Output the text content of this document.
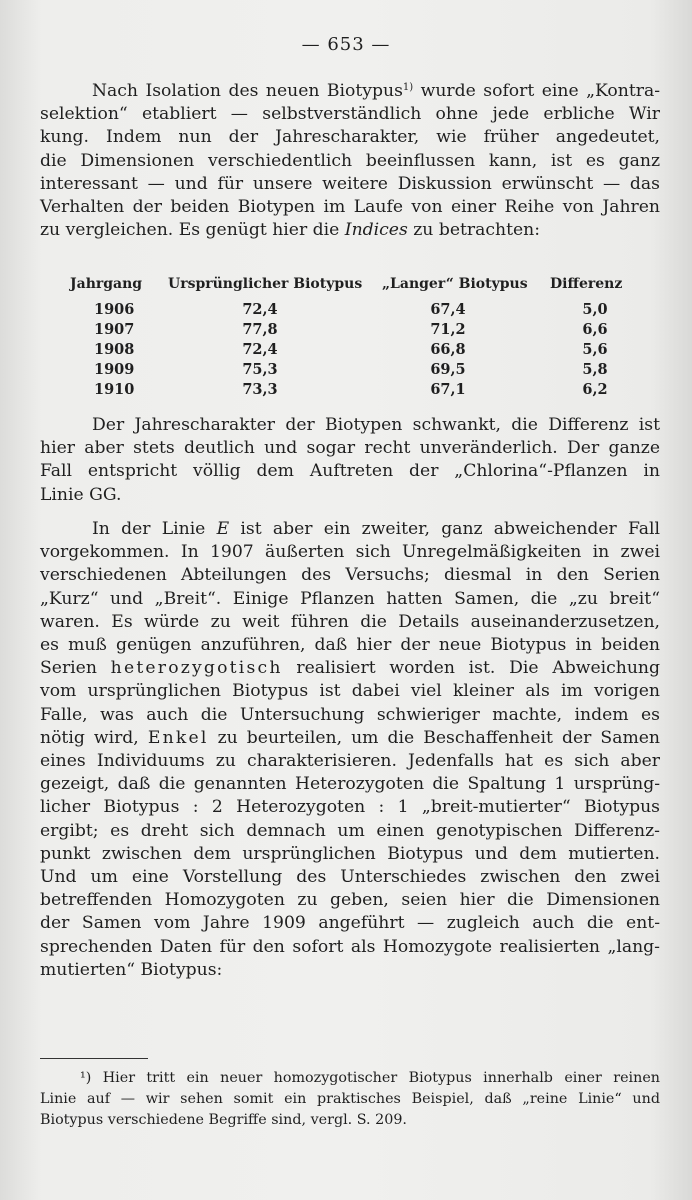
— 653 —
Nach Isolation des neuen Biotypus$^{1)}$ wurde sofort eine „Kontra-
selektion“ etabliert — selbstverständlich ohne jede erbliche Wir
kung. Indem nun der Jahrescharakter, wie früher angedeutet,
die Dimensionen verschiedentlich beeinflussen kann, ist es ganz
interessant — und für unsere weitere Diskussion erwünscht — das
Verhalten der beiden Biotypen im Laufe von einer Reihe von Jahren
zu vergleichen. Es genügt hier die Indices zu betrachten:
Jahrgang	Ursprünglicher Biotypus	„Langer“ Biotypus	Differenz
1906	72,4	67,4	5,0
1907	77,8	71,2	6,6
1908	72,4	66,8	5,6
1909	75,3	69,5	5,8
1910	73,3	67,1	6,2
Der Jahrescharakter der Biotypen schwankt, die Differenz ist
hier aber stets deutlich und sogar recht unveränderlich. Der ganze
Fall entspricht völlig dem Auftreten der „Chlorina“-Pflanzen in
Linie GG.
In der Linie E ist aber ein zweiter, ganz abweichender Fall
vorgekommen. In 1907 äußerten sich Unregelmäßigkeiten in zwei
verschiedenen Abteilungen des Versuchs; diesmal in den Serien
„Kurz“ und „Breit“. Einige Pflanzen hatten Samen, die „zu breit“
waren. Es würde zu weit führen die Details auseinanderzusetzen,
es muß genügen anzuführen, daß hier der neue Biotypus in beiden
Serien heterozygotisch realisiert worden ist. Die Abweichung
vom ursprünglichen Biotypus ist dabei viel kleiner als im vorigen
Falle, was auch die Untersuchung schwieriger machte, indem es
nötig wird, Enkel zu beurteilen, um die Beschaffenheit der Samen
eines Individuums zu charakterisieren. Jedenfalls hat es sich aber
gezeigt, daß die genannten Heterozygoten die Spaltung 1 ursprüng-
licher Biotypus : 2 Heterozygoten : 1 „breit-mutierter“ Biotypus
ergibt; es dreht sich demnach um einen genotypischen Differenz-
punkt zwischen dem ursprünglichen Biotypus und dem mutierten.
Und um eine Vorstellung des Unterschiedes zwischen den zwei
betreffenden Homozygoten zu geben, seien hier die Dimensionen
der Samen vom Jahre 1909 angeführt — zugleich auch die ent-
sprechenden Daten für den sofort als Homozygote realisierten „lang-
mutierten“ Biotypus:
¹) Hier tritt ein neuer homozygotischer Biotypus innerhalb einer reinen
Linie auf — wir sehen somit ein praktisches Beispiel, daß „reine Linie“ und
Biotypus verschiedene Begriffe sind, vergl. S. 209.
